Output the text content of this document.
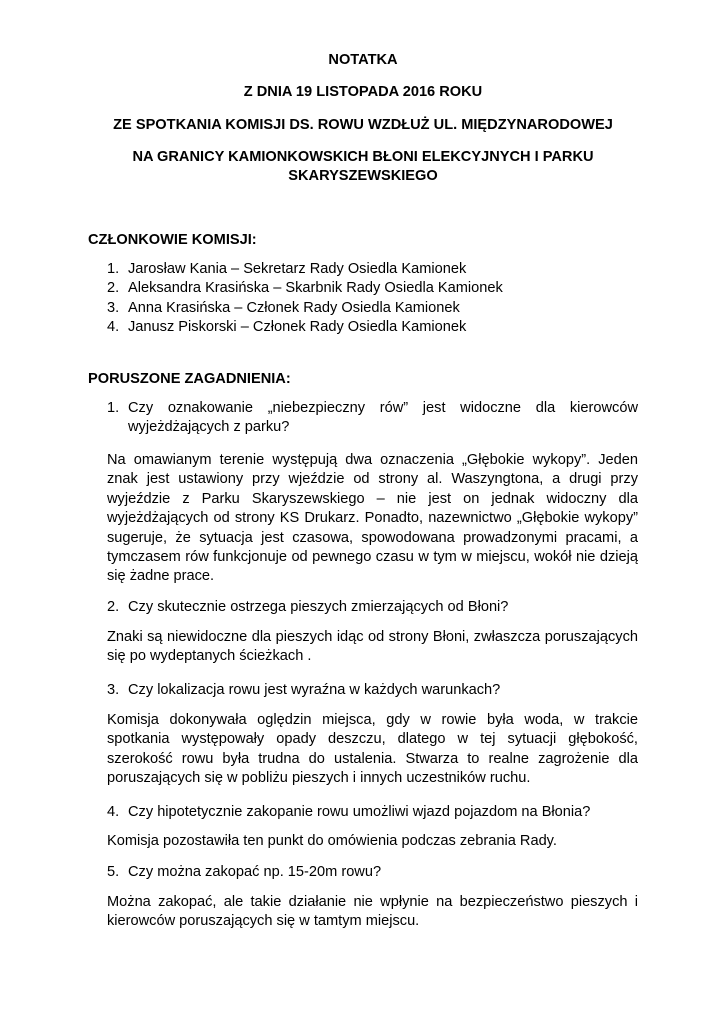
NOTATKA
Z DNIA 19 LISTOPADA 2016 ROKU
ZE SPOTKANIA KOMISJI DS. ROWU WZDŁUŻ UL. MIĘDZYNARODOWEJ
NA GRANICY KAMIONKOWSKICH BŁONI ELEKCYJNYCH I PARKU SKARYSZEWSKIEGO
CZŁONKOWIE KOMISJI:
1. Jarosław Kania – Sekretarz Rady Osiedla Kamionek
2. Aleksandra Krasińska – Skarbnik Rady Osiedla Kamionek
3. Anna Krasińska – Członek Rady Osiedla Kamionek
4. Janusz Piskorski – Członek Rady Osiedla Kamionek
PORUSZONE ZAGADNIENIA:
1. Czy oznakowanie „niebezpieczny rów” jest widoczne dla kierowców wyjeżdżających z parku?
Na omawianym terenie występują dwa oznaczenia „Głębokie wykopy”. Jeden znak jest ustawiony przy wjeździe od strony al. Waszyngtona, a drugi przy wyjeździe z Parku Skaryszewskiego – nie jest on jednak widoczny dla wyjeżdżających od strony KS Drukarz. Ponadto, nazewnictwo „Głębokie wykopy” sugeruje, że sytuacja jest czasowa, spowodowana prowadzonymi pracami, a tymczasem rów funkcjonuje od pewnego czasu w tym w miejscu, wokół nie dzieją się żadne prace.
2. Czy skutecznie ostrzega pieszych zmierzających od Błoni?
Znaki są niewidoczne dla pieszych idąc od strony Błoni, zwłaszcza poruszających się po wydeptanych ścieżkach .
3. Czy lokalizacja rowu jest wyraźna w każdych warunkach?
Komisja dokonywała oględzin miejsca, gdy w rowie była woda, w trakcie spotkania występowały opady deszczu, dlatego w tej sytuacji głębokość, szerokość rowu była trudna do ustalenia. Stwarza to realne zagrożenie dla poruszających się w pobliżu pieszych i innych uczestników ruchu.
4. Czy hipotetycznie zakopanie rowu umożliwi wjazd pojazdom na Błonia?
Komisja pozostawiła ten punkt do omówienia podczas zebrania Rady.
5. Czy można zakopać np. 15-20m rowu?
Można zakopać, ale takie działanie nie wpłynie na bezpieczeństwo pieszych i kierowców poruszających się w tamtym miejscu.
